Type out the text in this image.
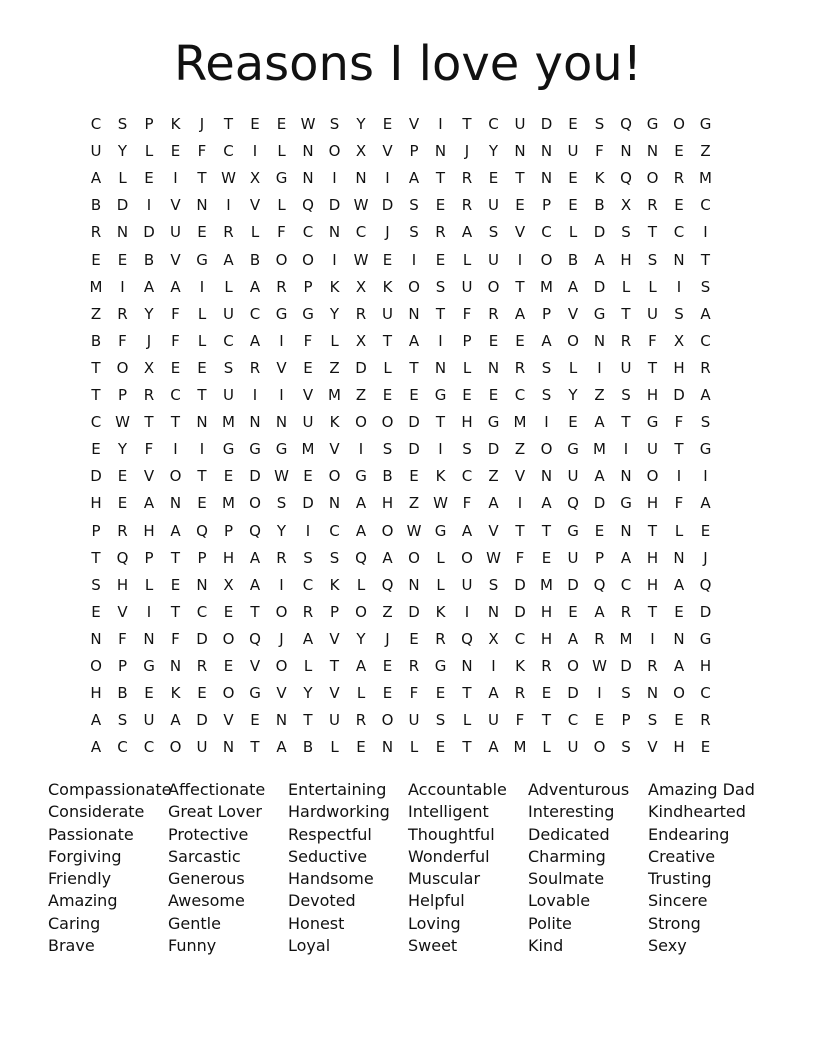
Reasons I love you!
C	S	P	K	J	T	E	E W S	Y	E	V	I	T	C	U	D	E	S	Q G O G
U	Y	L	E	F	C	I	L	N O	X	V	P	N	J	Y	N	N	U	F	N	N	E	Z
A	L	E	I	T W X	G	N	I	N	I	A	T	R	E	T	N	E	K	Q O	R M
B	D	I	V	N	I	V	L	Q D W D	S	E	R	U	E	P	E	B	X	R	E	C
R	N	D	U	E	R	L	F	C	N	C	J	S	R	A	S	V	C	L	D	S	T	C	I
E	E	B	V	G	A	B	O O	I	W E	I	E	L	U	I	O	B	A	H	S	N	T
M	I	A	A	I	L	A	R	P	K	X	K	O	S	U	O	T	M A	D	L	L	I	S
Z	R	Y	F	L	U	C	G G	Y	R	U	N	T	F	R	A	P	V	G	T	U	S	A
B	F	J	F	L	C	A	I	F	L	X	T	A	I	P	E	E	A	O N	R	F	X	C
T	O	X	E	E	S	R	V	E	Z	D	L	T	N	L	N	R	S	L	I	U	T	H	R
T	P	R	C	T	U	I	I	V M Z	E	E	G	E	E	C	S	Y	Z	S	H	D	A
C W T	T	N M N	N	U	K	O O D	T	H	G M	I	E	A	T	G	F	S
E	Y	F	I	I	G G G M V	I	S	D	I	S	D	Z	O G M	I	U	T	G
D	E	V	O	T	E	D W E	O G	B	E	K	C	Z	V	N	U	A	N O	I	I
H	E	A	N	E	M O	S	D	N	A	H	Z W F	A	I	A	Q D G	H	F	A
P	R	H	A	Q	P	Q	Y	I	C	A	O W G	A	V	T	T	G	E	N	T	L	E
T	Q	P	T	P	H	A	R	S	S	Q	A	O	L	O W F	E	U	P	A	H	N	J
S	H	L	E	N	X	A	I	C	K	L	Q N	L	U	S	D M D Q	C	H	A	Q
E	V	I	T	C	E	T	O	R	P	O	Z	D	K	I	N	D	H	E	A	R	T	E	D
N	F	N	F	D O Q	J	A	V	Y	J	E	R	Q	X	C	H	A	R M	I	N	G
O	P	G	N	R	E	V	O	L	T	A	E	R	G	N	I	K	R	O W D	R	A	H
H	B	E	K	E	O G	V	Y	V	L	E	F	E	T	A	R	E	D	I	S	N O	C
A	S	U	A	D	V	E	N	T	U	R	O	U	S	L	U	F	T	C	E	P	S	E	R
A	C	C	O	U	N	T	A	B	L	E	N	L	E	T	A M	L	U	O	S	V	H	E
Compassionate
Considerate
Passionate
Forgiving
Friendly
Amazing
Caring
Brave
Affectionate
Great Lover
Protective
Sarcastic
Generous
Awesome
Gentle
Funny
Entertaining
Hardworking
Respectful
Seductive
Handsome
Devoted
Honest
Loyal
Accountable
Intelligent
Thoughtful
Wonderful
Muscular
Helpful
Loving
Sweet
Adventurous
Interesting
Dedicated
Charming
Soulmate
Lovable
Polite
Kind
Amazing Dad
Kindhearted
Endearing
Creative
Trusting
Sincere
Strong
Sexy
